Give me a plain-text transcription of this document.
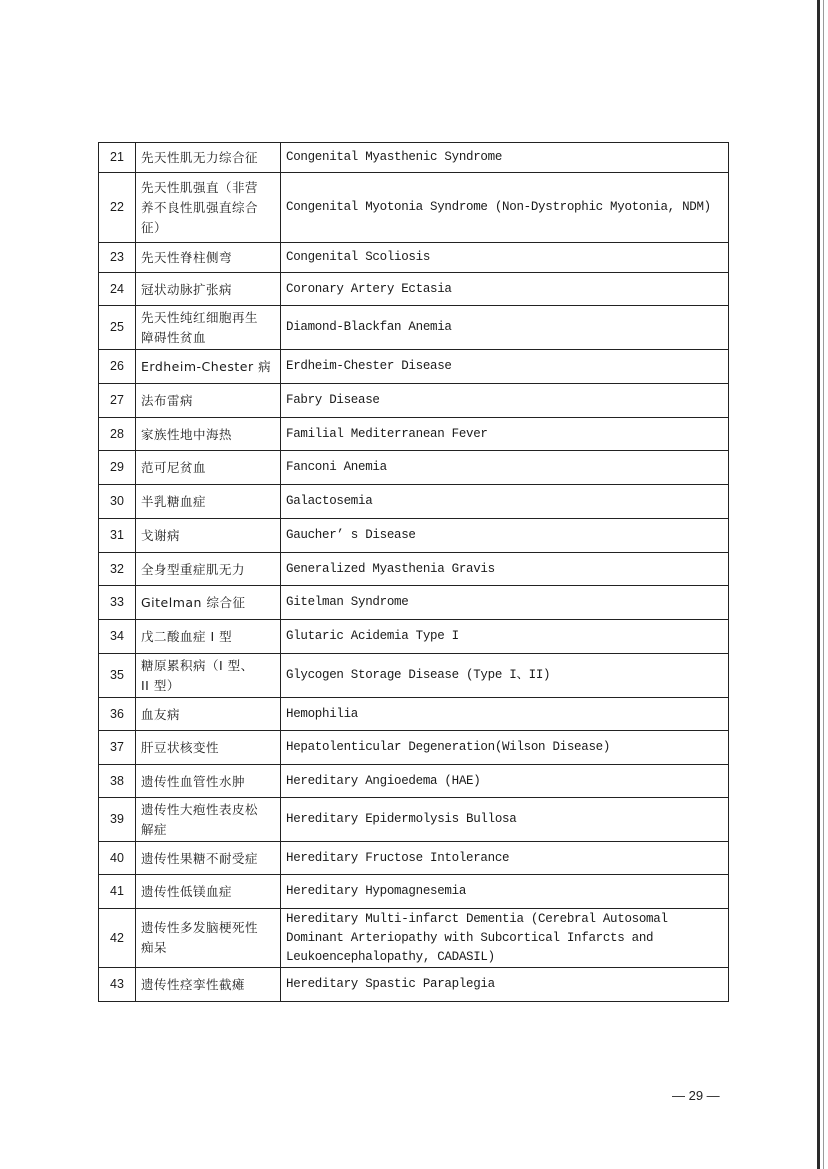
21	先天性肌无力综合征	Congenital Myasthenic Syndrome
22	先天性肌强直（非营
养不良性肌强直综合
征）	Congenital Myotonia Syndrome (Non-Dystrophic Myotonia, NDM)
23	先天性脊柱侧弯	Congenital Scoliosis
24	冠状动脉扩张病	Coronary Artery Ectasia
25	先天性纯红细胞再生
障碍性贫血	Diamond-Blackfan Anemia
26	Erdheim-Chester 病	Erdheim-Chester Disease
27	法布雷病	Fabry Disease
28	家族性地中海热	Familial Mediterranean Fever
29	范可尼贫血	Fanconi Anemia
30	半乳糖血症	Galactosemia
31	戈谢病	Gaucher’ s Disease
32	全身型重症肌无力	Generalized Myasthenia Gravis
33	Gitelman 综合征	Gitelman Syndrome
34	戊二酸血症 I 型	Glutaric Acidemia Type I
35	糖原累积病（I 型、
II 型）	Glycogen Storage Disease (Type I、II)
36	血友病	Hemophilia
37	肝豆状核变性	Hepatolenticular Degeneration(Wilson Disease)
38	遗传性血管性水肿	Hereditary Angioedema (HAE)
39	遗传性大疱性表皮松
解症	Hereditary Epidermolysis Bullosa
40	遗传性果糖不耐受症	Hereditary Fructose Intolerance
41	遗传性低镁血症	Hereditary Hypomagnesemia
42	遗传性多发脑梗死性
痴呆	Hereditary Multi-infarct Dementia (Cerebral Autosomal
Dominant Arteriopathy with Subcortical Infarcts and
Leukoencephalopathy, CADASIL)
43	遗传性痉挛性截瘫	Hereditary Spastic Paraplegia
— 29 —
